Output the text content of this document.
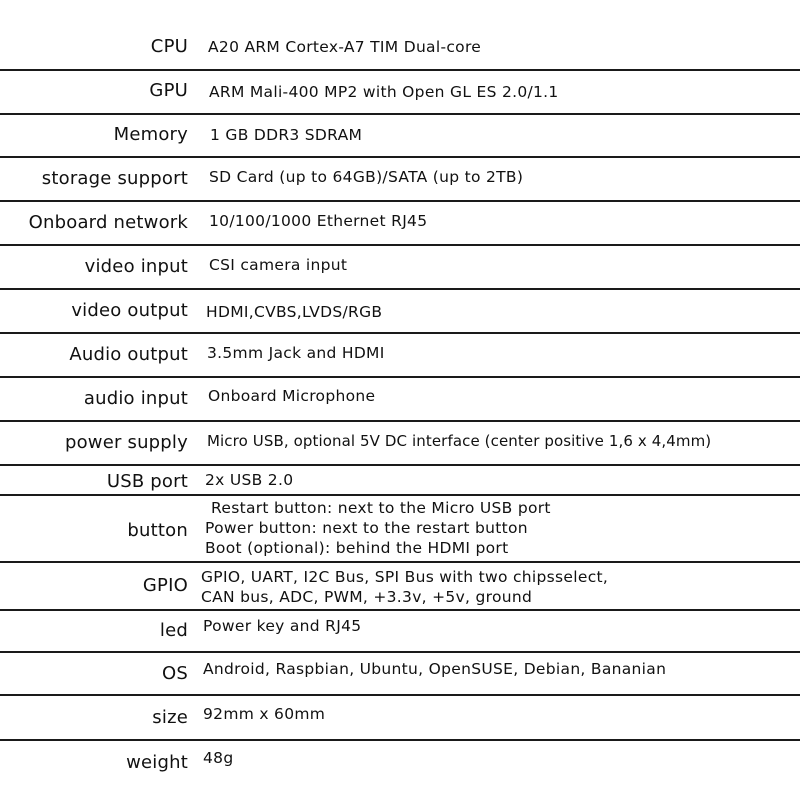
CPU A20 ARM Cortex-A7 TIM Dual-core
GPU ARM Mali-400 MP2 with Open GL ES 2.0/1.1
Memory 1 GB DDR3 SDRAM
storage support SD Card (up to 64GB)/SATA (up to 2TB)
Onboard network 10/100/1000 Ethernet RJ45
video input CSI camera input
video output HDMI,CVBS,LVDS/RGB
Audio output 3.5mm Jack and HDMI
audio input Onboard Microphone
power supply Micro USB, optional 5V DC interface (center positive 1,6 x 4,4mm)
USB port 2x USB 2.0
button
Restart button: next to the Micro USB port
Power button: next to the restart button
Boot (optional): behind the HDMI port
GPIO GPIO, UART, I2C Bus, SPI Bus with two chipsselect,
CAN bus, ADC, PWM, +3.3v, +5v, ground
led Power key and RJ45
OS Android, Raspbian, Ubuntu, OpenSUSE, Debian, Bananian
size 92mm x 60mm
weight 48g
